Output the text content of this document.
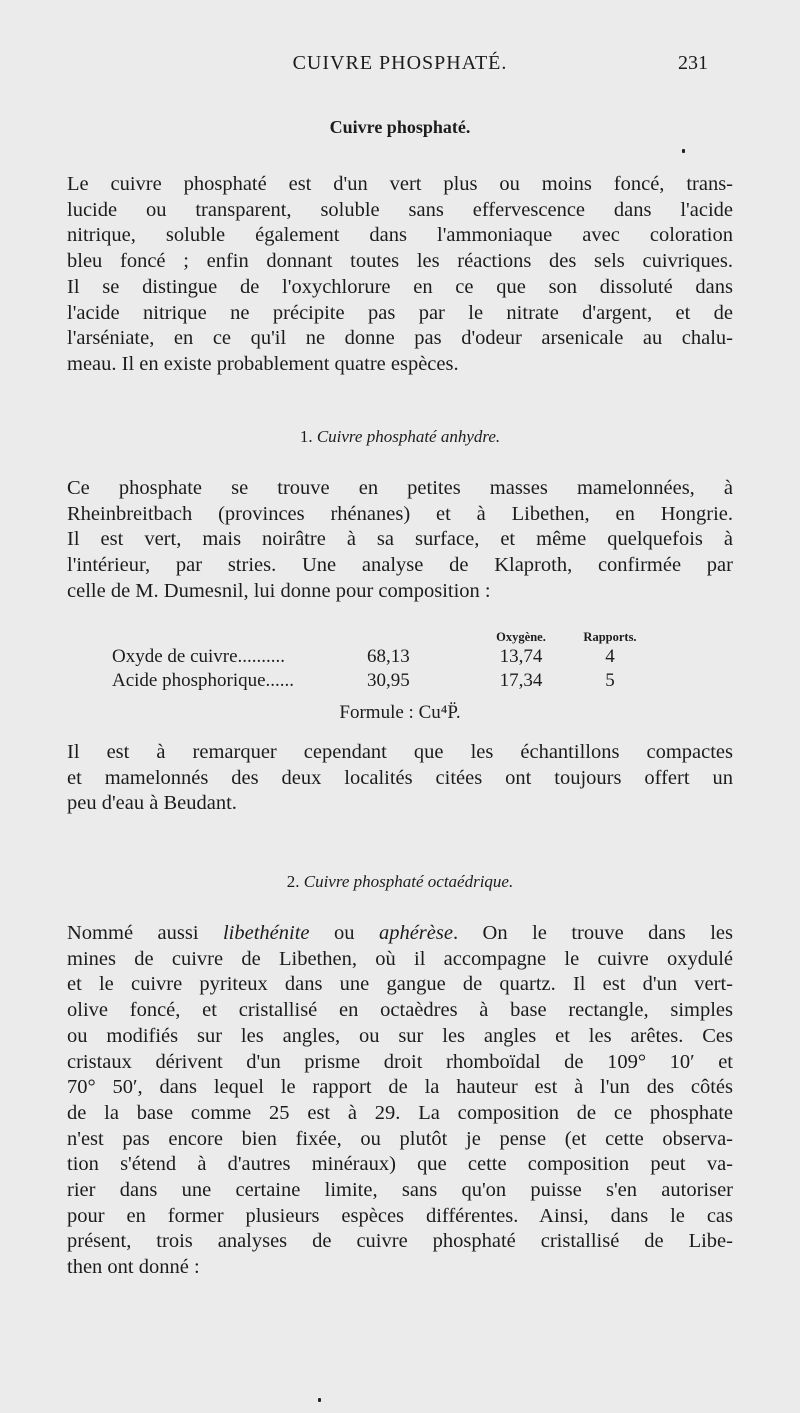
CUIVRE PHOSPHATÉ.	231
Cuivre phosphaté.
Le cuivre phosphaté est d'un vert plus ou moins foncé, trans-
lucide ou transparent, soluble sans effervescence dans l'acide
nitrique, soluble également dans l'ammoniaque avec coloration
bleu foncé ; enfin donnant toutes les réactions des sels cuivriques.
Il se distingue de l'oxychlorure en ce que son dissoluté dans
l'acide nitrique ne précipite pas par le nitrate d'argent, et de
l'arséniate, en ce qu'il ne donne pas d'odeur arsenicale au chalu-
meau. Il en existe probablement quatre espèces.
1. Cuivre phosphaté anhydre.
Ce phosphate se trouve en petites masses mamelonnées, à
Rheinbreitbach (provinces rhénanes) et à Libethen, en Hongrie.
Il est vert, mais noirâtre à sa surface, et même quelquefois à
l'intérieur, par stries. Une analyse de Klaproth, confirmée par
celle de M. Dumesnil, lui donne pour composition :
		Oxygène.	Rapports.
Oxyde de cuivre..........	68,13	13,74	4
Acide phosphorique......	30,95	17,34	5
Formule : Cu⁴P̈.
Il est à remarquer cependant que les échantillons compactes
et mamelonnés des deux localités citées ont toujours offert un
peu d'eau à Beudant.
2. Cuivre phosphaté octaédrique.
Nommé aussi libethénite ou aphérèse. On le trouve dans les
mines de cuivre de Libethen, où il accompagne le cuivre oxydulé
et le cuivre pyriteux dans une gangue de quartz. Il est d'un vert-
olive foncé, et cristallisé en octaèdres à base rectangle, simples
ou modifiés sur les angles, ou sur les angles et les arêtes. Ces
cristaux dérivent d'un prisme droit rhomboïdal de 109° 10′ et
70° 50′, dans lequel le rapport de la hauteur est à l'un des côtés
de la base comme 25 est à 29. La composition de ce phosphate
n'est pas encore bien fixée, ou plutôt je pense (et cette observa-
tion s'étend à d'autres minéraux) que cette composition peut va-
rier dans une certaine limite, sans qu'on puisse s'en autoriser
pour en former plusieurs espèces différentes. Ainsi, dans le cas
présent, trois analyses de cuivre phosphaté cristallisé de Libe-
then ont donné :
